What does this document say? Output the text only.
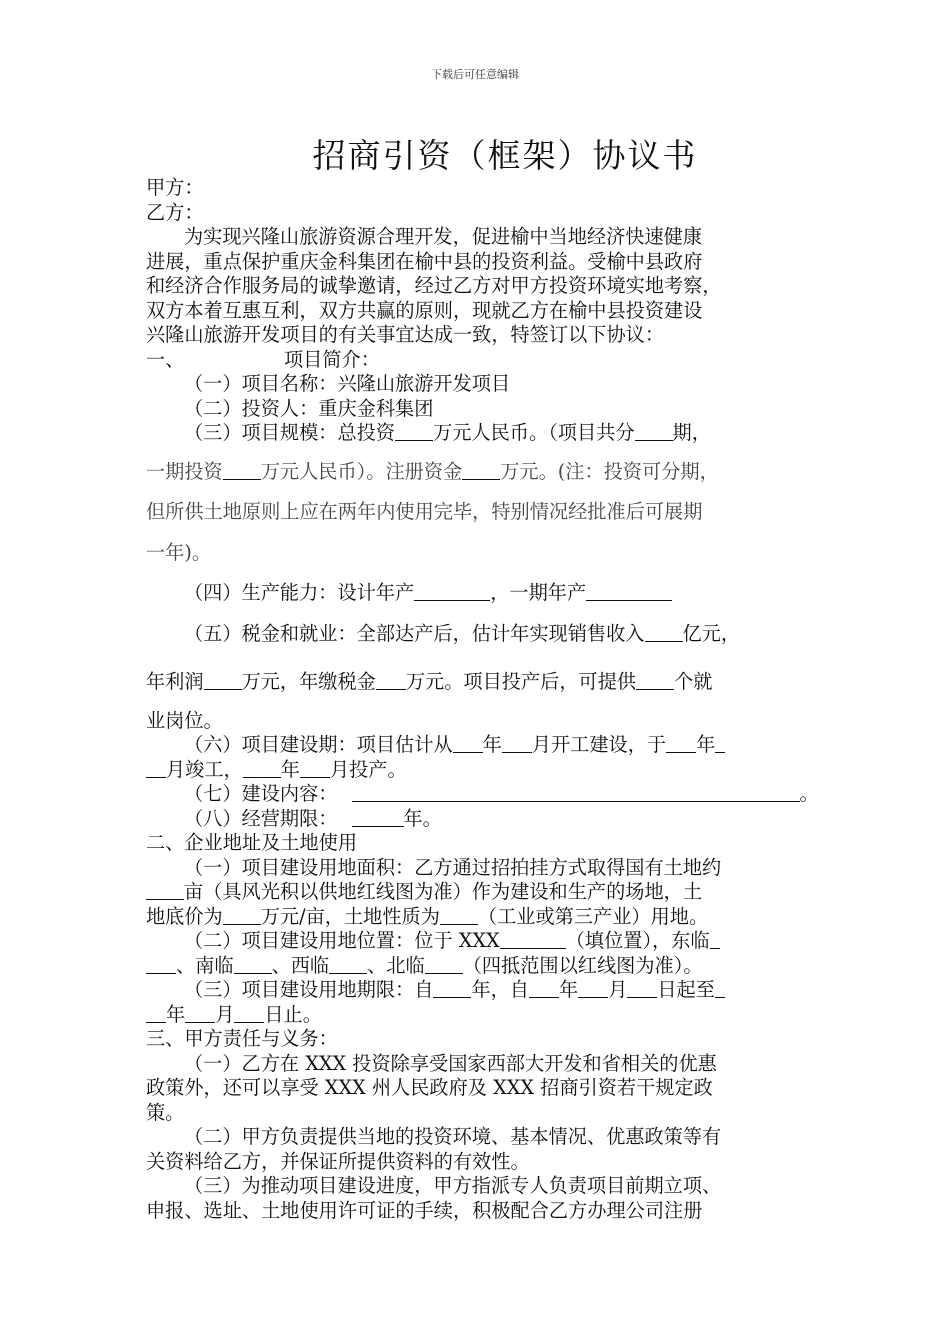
下载后可任意编辑
招商引资（框架）协议书
甲方：
乙方：
为实现兴隆山旅游资源合理开发，促进榆中当地经济快速健康
进展，重点保护重庆金科集团在榆中县的投资利益。受榆中县政府
和经济合作服务局的诚挚邀请，经过乙方对甲方投资环境实地考察，
双方本着互惠互利，双方共赢的原则，现就乙方在榆中县投资建设
兴隆山旅游开发项目的有关事宜达成一致，特签订以下协议：
一、	项目简介：
（一）项目名称：兴隆山旅游开发项目
（二）投资人：重庆金科集团
（三）项目规模：总投资 万元人民币。（项目共分 期，
一期投资 万元人民币）。注册资金 万元。(注：投资可分期，
但所供土地原则上应在两年内使用完毕，特别情况经批准后可展期
一年)。
（四）生产能力：设计年产	，一期年产
（五）税金和就业：全部达产后，估计年实现销售收入 亿元，
年利润 万元，年缴税金 万元。项目投产后，可提供 个就
业岗位。
（六）项目建设期：项目估计从 年 月开工建设，于 年
月竣工， 年 月投产。
（七）建设内容：	。
（八）经营期限：	年。
二、企业地址及土地使用
（一）项目建设用地面积：乙方通过招拍挂方式取得国有土地约
亩（具风光积以供地红线图为准）作为建设和生产的场地，土
地底价为 万元/亩，土地性质为 （工业或第三产业）用地。
（二）项目建设用地位置：位于 XXX	（填位置），东临
、南临 、西临 、北临 （四抵范围以红线图为准）。
（三）项目建设用地期限：自 年，自 年 月 日起至
年 月 日止。
三、甲方责任与义务：
（一）乙方在 XXX 投资除享受国家西部大开发和省相关的优惠
政策外，还可以享受 XXX 州人民政府及 XXX 招商引资若干规定政
策。
（二）甲方负责提供当地的投资环境、基本情况、优惠政策等有
关资料给乙方，并保证所提供资料的有效性。
（三）为推动项目建设进度，甲方指派专人负责项目前期立项、
申报、选址、土地使用许可证的手续，积极配合乙方办理公司注册
